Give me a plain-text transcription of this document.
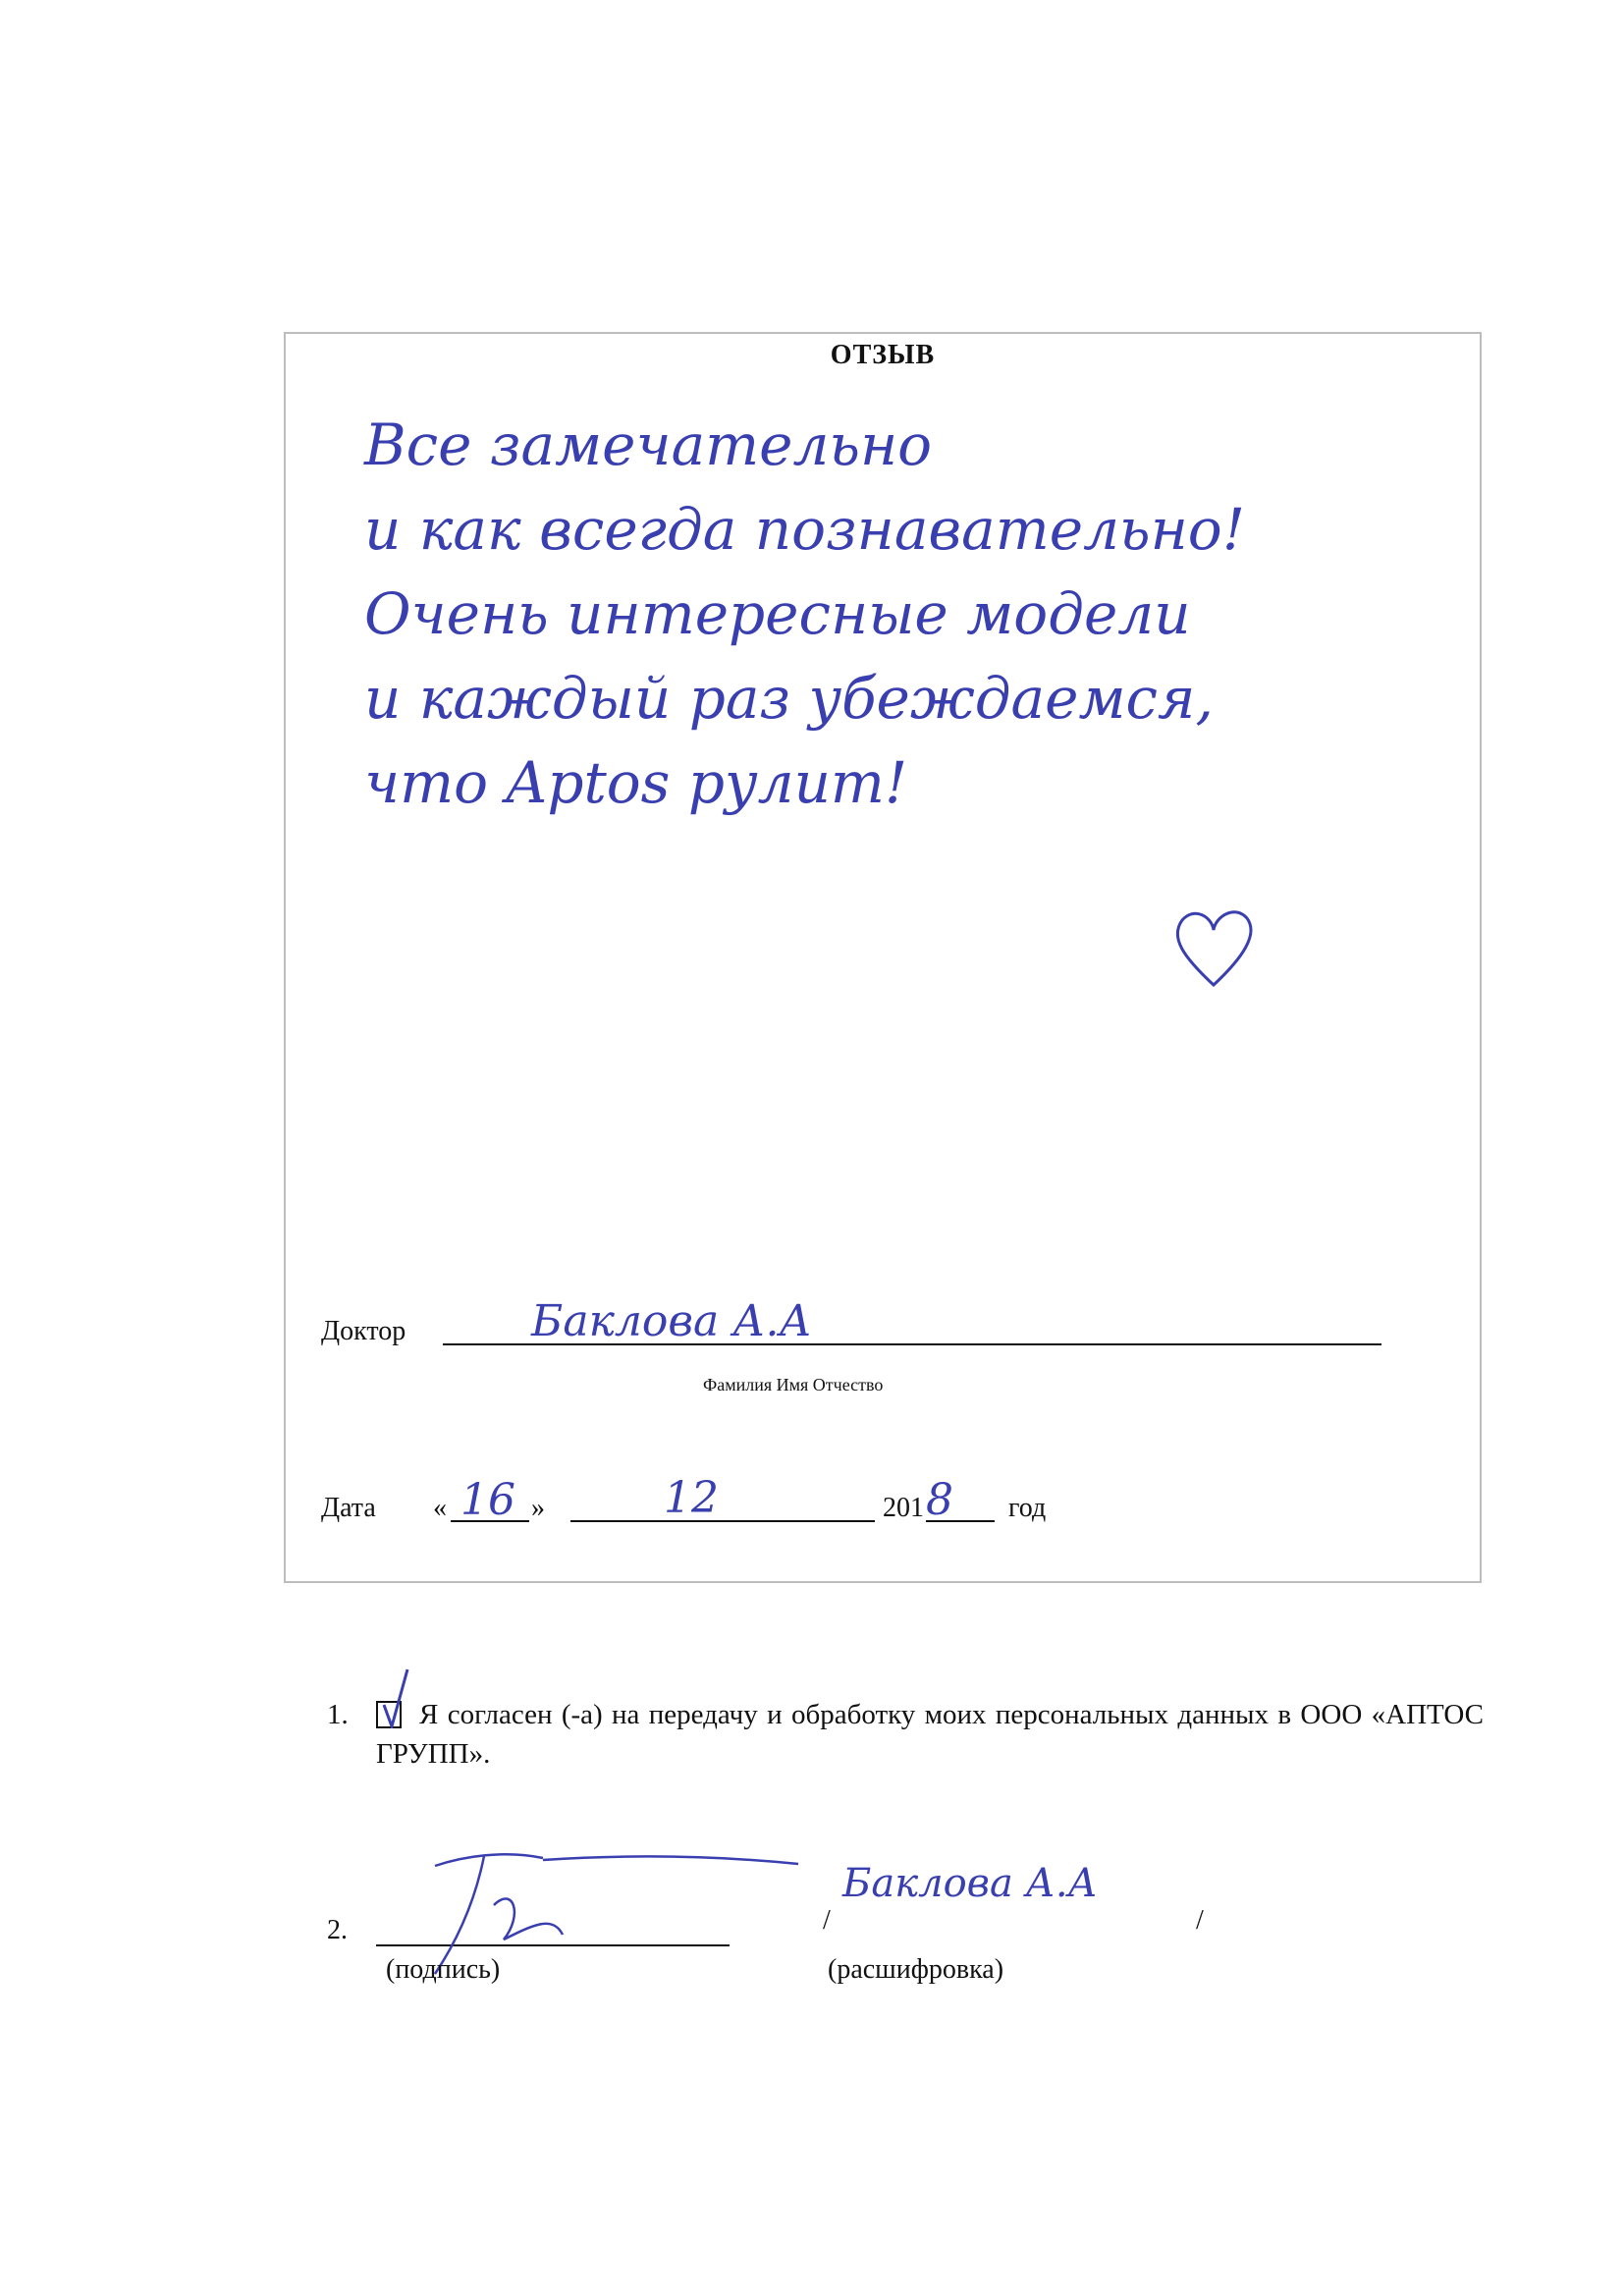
ОТЗЫВ
Все замечательно
и как всегда познавательно!
Очень интересные модели
и каждый раз убеждаемся,
что Aptos рулит!
Доктор	Баклова А.А
Фамилия Имя Отчество
Дата « 16 »	12	201 8 год
1.	Я согласен (-а) на передачу и обработку моих персональных данных в ООО «АПТОС ГРУПП».
2.
(подпись)
/
Баклова А.А
/
(расшифровка)
